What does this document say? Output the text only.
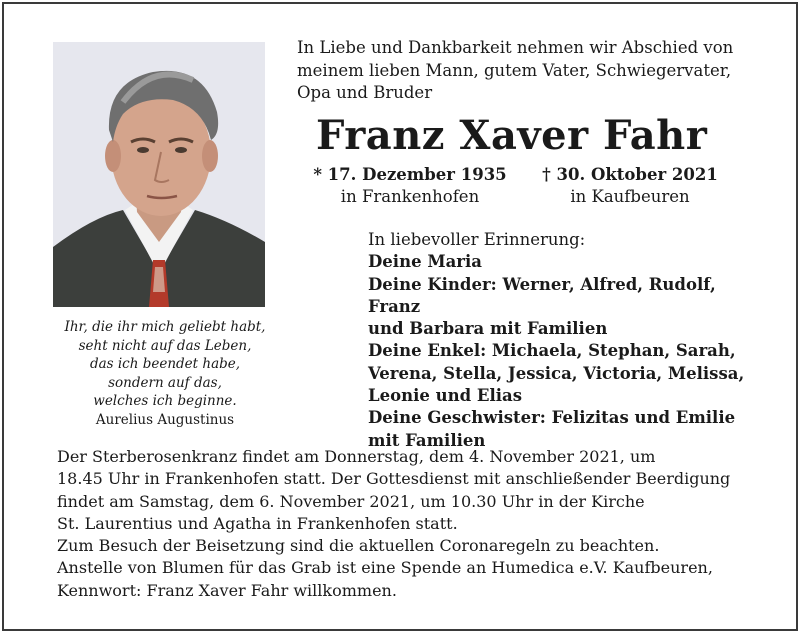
Ihr, die ihr mich geliebt habt,
seht nicht auf das Leben,
das ich beendet habe,
sondern auf das,
welches ich beginne.
Aurelius Augustinus
In Liebe und Dankbarkeit nehmen wir Abschied von
meinem lieben Mann, gutem Vater, Schwiegervater,
Opa und Bruder
Franz Xaver Fahr
* 17. Dezember 1935
in Frankenhofen
† 30. Oktober 2021
in Kaufbeuren
In liebevoller Erinnerung:
Deine Maria
Deine Kinder: Werner, Alfred, Rudolf, Franz
und Barbara mit Familien
Deine Enkel: Michaela, Stephan, Sarah,
Verena, Stella, Jessica, Victoria, Melissa,
Leonie und Elias
Deine Geschwister: Felizitas und Emilie
mit Familien

Der Sterberosenkranz findet am Donnerstag, dem 4. November 2021, um

18.45 Uhr in Frankenhofen statt. Der Gottesdienst mit anschließender Beerdigung

findet am Samstag, dem 6. November 2021, um 10.30 Uhr in der Kirche

St. Laurentius und Agatha in Frankenhofen statt.

Zum Besuch der Beisetzung sind die aktuellen Coronaregeln zu beachten.

Anstelle von Blumen für das Grab ist eine Spende an Humedica e.V. Kaufbeuren,

Kennwort: Franz Xaver Fahr willkommen.
